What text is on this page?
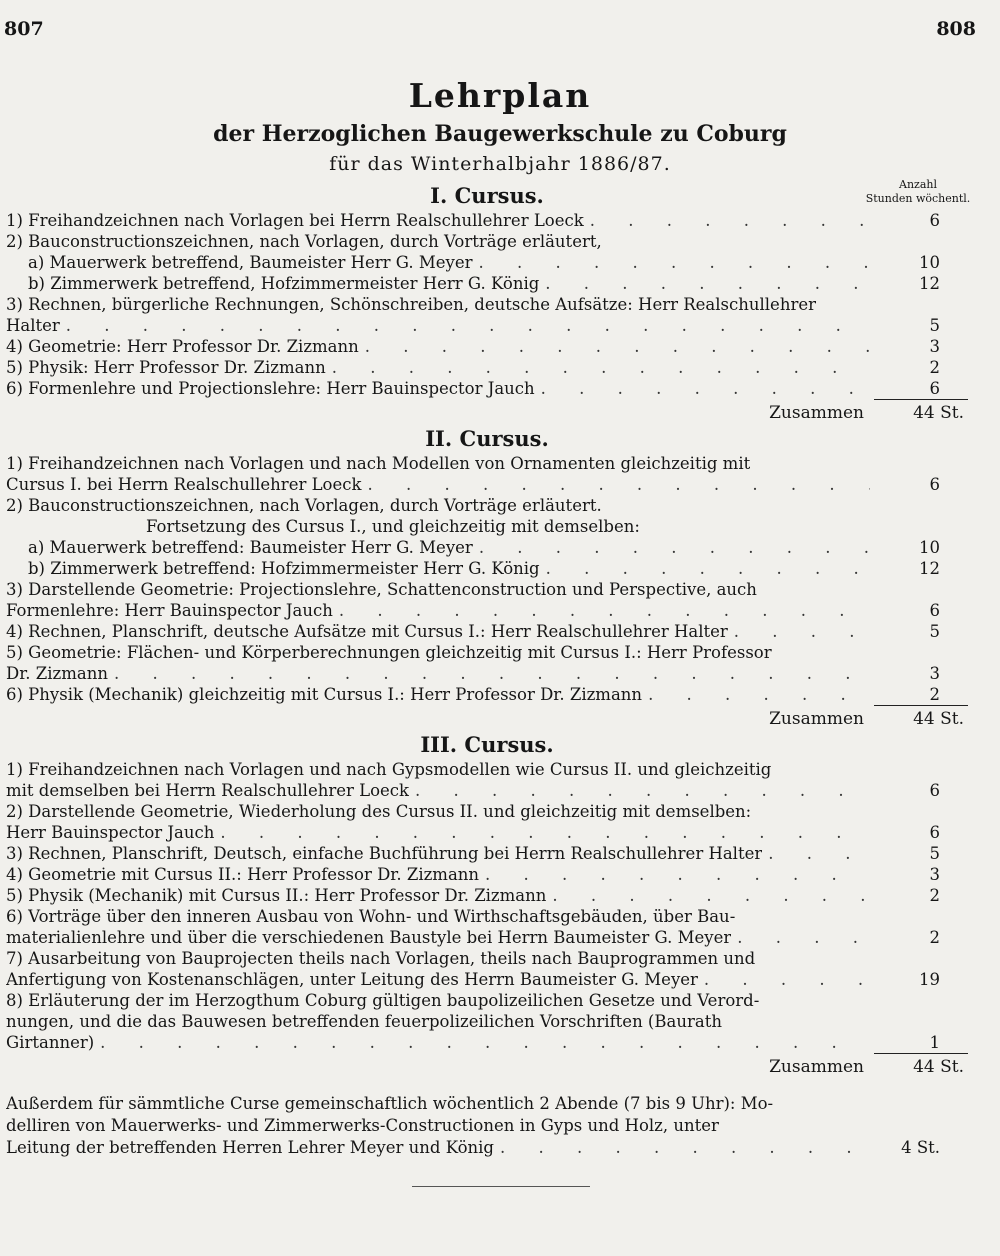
807	808
Lehrplan
der Herzoglichen Baugewerkschule zu Coburg
für das Winterhalbjahr 1886/87.
Anzahl
Stunden wöchentl.
I. Cursus.
1) Freihandzeichnen nach Vorlagen bei Herrn Realschullehrer Loeck . . .	6
2) Bauconstructionszeichnen, nach Vorlagen, durch Vorträge erläutert,
a) Mauerwerk betreffend, Baumeister Herr G. Meyer . . .	10
b) Zimmerwerk betreffend, Hofzimmermeister Herr G. König . . .	12
3) Rechnen, bürgerliche Rechnungen, Schönschreiben, deutsche Aufsätze: Herr Realschullehrer
Halter . . .	5
4) Geometrie: Herr Professor Dr. Zizmann . . .	3
5) Physik: Herr Professor Dr. Zizmann . . .	2
6) Formenlehre und Projectionslehre: Herr Bauinspector Jauch . . .	6
Zusammen	44 St.
II. Cursus.
1) Freihandzeichnen nach Vorlagen und nach Modellen von Ornamenten gleichzeitig mit
Cursus I. bei Herrn Realschullehrer Loeck . . .	6
2) Bauconstructionszeichnen, nach Vorlagen, durch Vorträge erläutert.
Fortsetzung des Cursus I., und gleichzeitig mit demselben:
a) Mauerwerk betreffend: Baumeister Herr G. Meyer . . .	10
b) Zimmerwerk betreffend: Hofzimmermeister Herr G. König . . .	12
3) Darstellende Geometrie: Projectionslehre, Schattenconstruction und Perspective, auch
Formenlehre: Herr Bauinspector Jauch . . .	6
4) Rechnen, Planschrift, deutsche Aufsätze mit Cursus I.: Herr Realschullehrer Halter . . .	5
5) Geometrie: Flächen- und Körperberechnungen gleichzeitig mit Cursus I.: Herr Professor
Dr. Zizmann . . .	3
6) Physik (Mechanik) gleichzeitig mit Cursus I.: Herr Professor Dr. Zizmann . . .	2
Zusammen	44 St.
III. Cursus.
1) Freihandzeichnen nach Vorlagen und nach Gypsmodellen wie Cursus II. und gleichzeitig
mit demselben bei Herrn Realschullehrer Loeck . . .	6
2) Darstellende Geometrie, Wiederholung des Cursus II. und gleichzeitig mit demselben:
Herr Bauinspector Jauch . . .	6
3) Rechnen, Planschrift, Deutsch, einfache Buchführung bei Herrn Realschullehrer Halter . . .	5
4) Geometrie mit Cursus II.: Herr Professor Dr. Zizmann . . .	3
5) Physik (Mechanik) mit Cursus II.: Herr Professor Dr. Zizmann . . .	2
6) Vorträge über den inneren Ausbau von Wohn- und Wirthschaftsgebäuden, über Bau-
materialienlehre und über die verschiedenen Baustyle bei Herrn Baumeister G. Meyer . . .	2
7) Ausarbeitung von Bauprojecten theils nach Vorlagen, theils nach Bauprogrammen und
Anfertigung von Kostenanschlägen, unter Leitung des Herrn Baumeister G. Meyer . . .	19
8) Erläuterung der im Herzogthum Coburg gültigen baupolizeilichen Gesetze und Verord-
nungen, und die das Bauwesen betreffenden feuerpolizeilichen Vorschriften (Baurath
Girtanner) . . .	1
Zusammen	44 St.
Außerdem für sämmtliche Curse gemeinschaftlich wöchentlich 2 Abende (7 bis 9 Uhr): Mo-
delliren von Mauerwerks- und Zimmerwerks-Constructionen in Gyps und Holz, unter
Leitung der betreffenden Herren Lehrer Meyer und König . . .	4 St.
